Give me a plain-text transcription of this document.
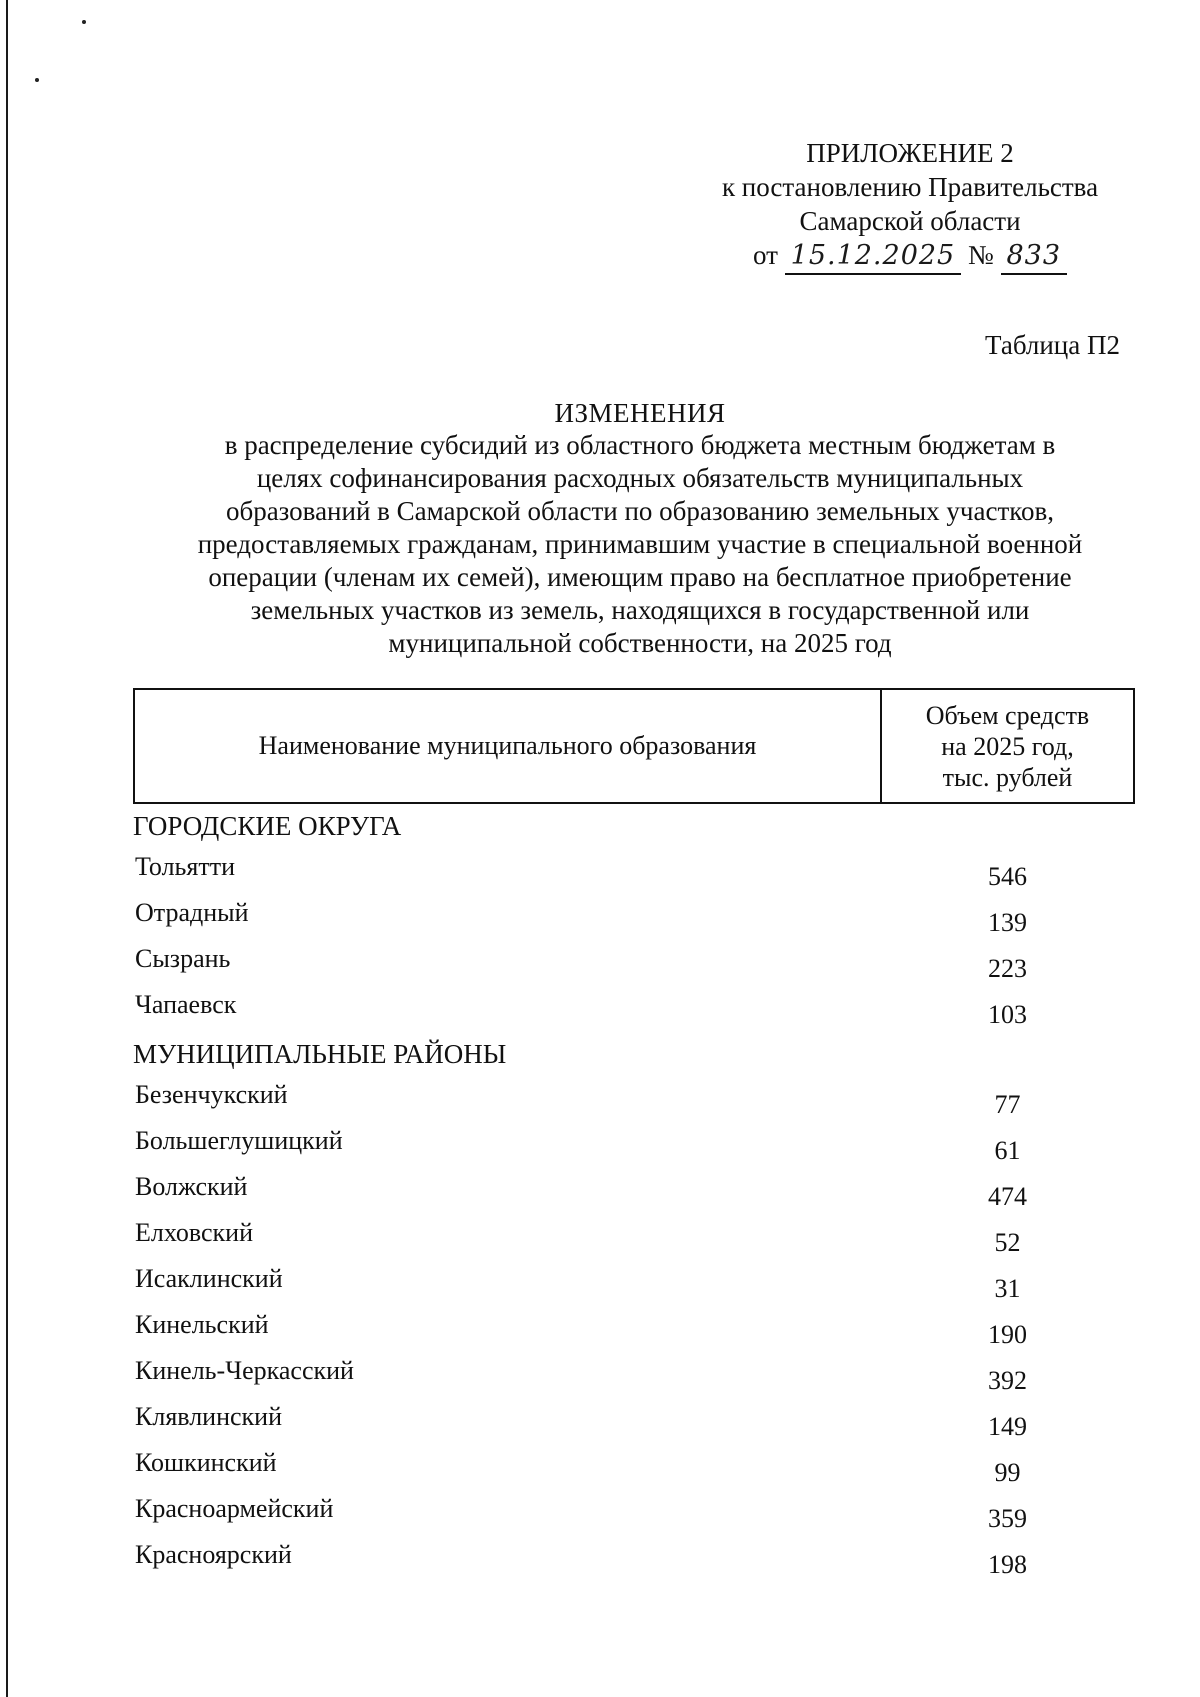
ПРИЛОЖЕНИЕ 2
к постановлению Правительства
Самарской области
от 15.12.2025 № 833
Таблица П2
ИЗМЕНЕНИЯ
в распределение субсидий из областного бюджета местным бюджетам в целях софинансирования расходных обязательств муниципальных образований в Самарской области по образованию земельных участков, предоставляемых гражданам, принимавшим участие в специальной военной операции (членам их семей), имеющим право на бесплатное приобретение земельных участков из земель, находящихся в государственной или муниципальной собственности, на 2025 год
Наименование муниципального образования
Объем средств
на 2025 год,
тыс. рублей
ГОРОДСКИЕ ОКРУГА
Тольятти	546
Отрадный	139
Сызрань	223
Чапаевск	103
МУНИЦИПАЛЬНЫЕ РАЙОНЫ
Безенчукский	77
Большеглушицкий	61
Волжский	474
Елховский	52
Исаклинский	31
Кинельский	190
Кинель-Черкасский	392
Клявлинский	149
Кошкинский	99
Красноармейский	359
Красноярский	198
